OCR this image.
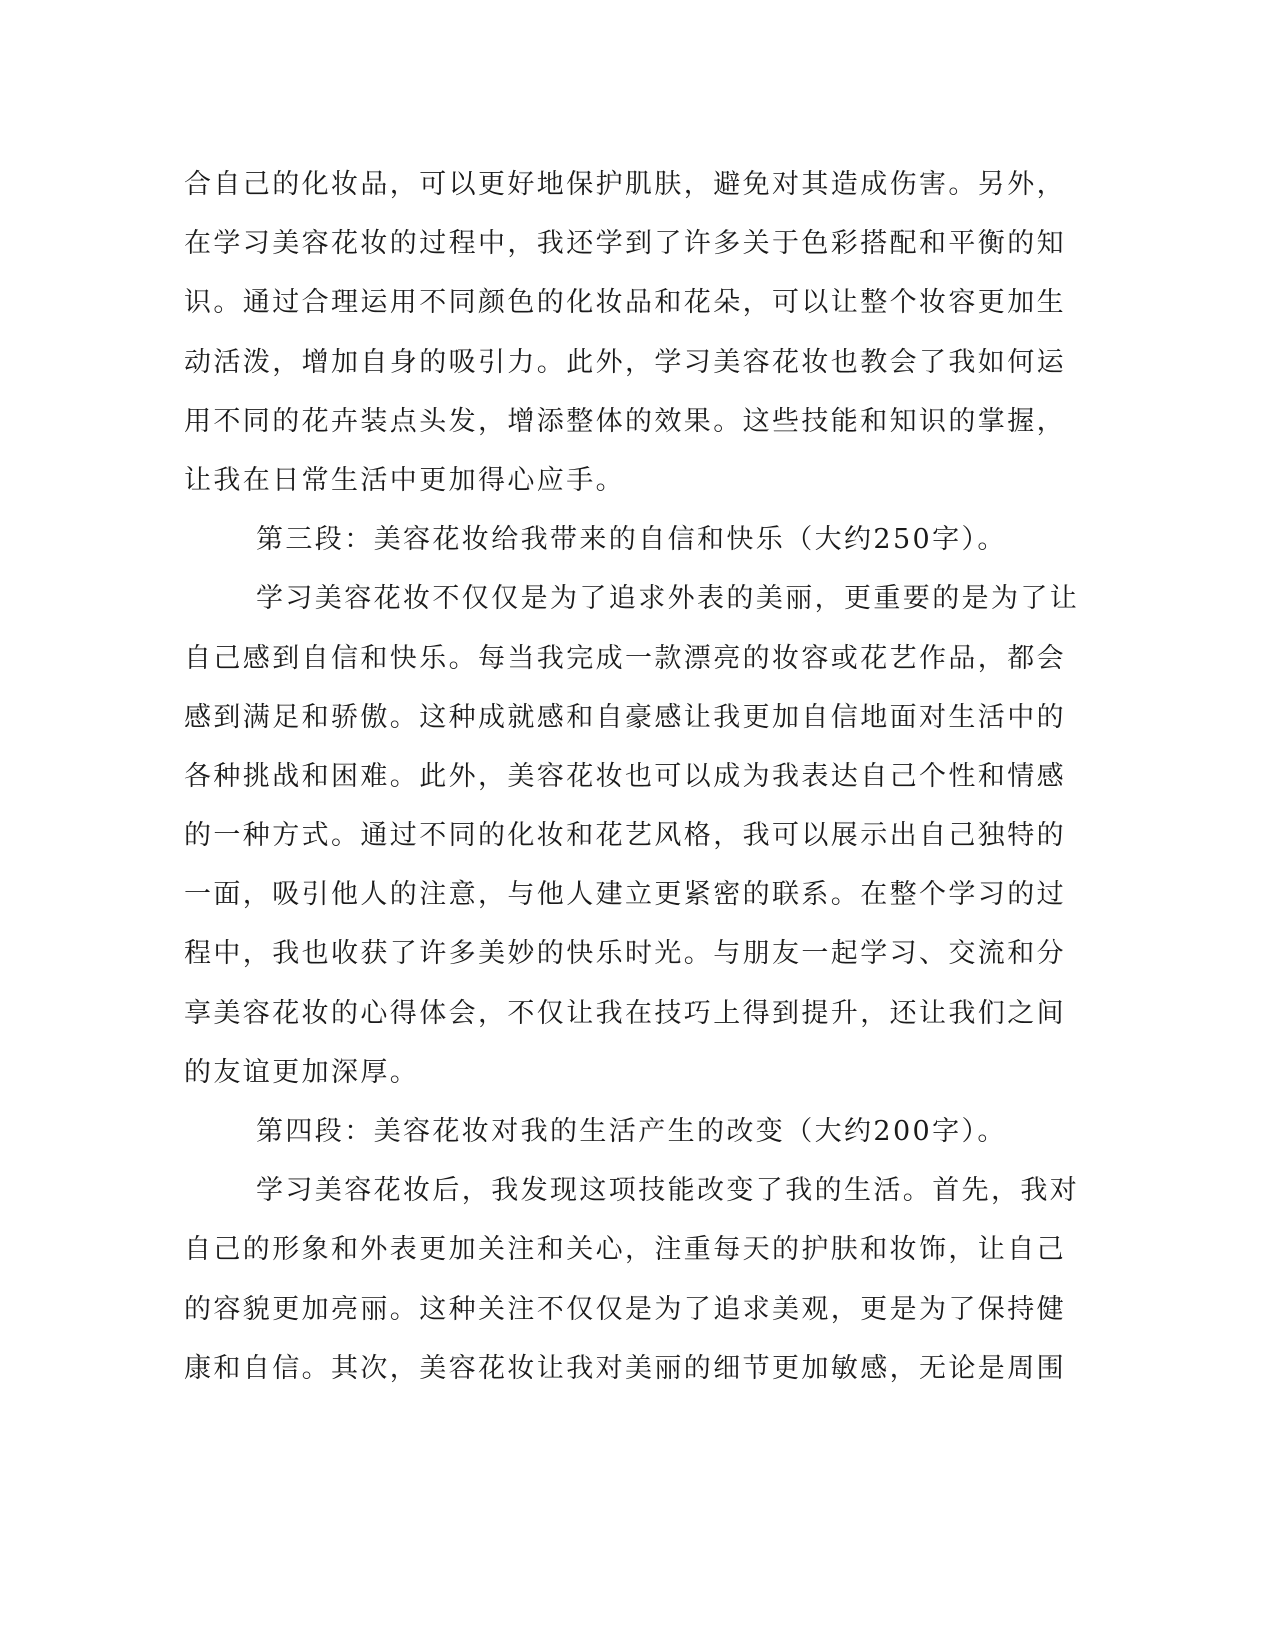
合自己的化妆品，可以更好地保护肌肤，避免对其造成伤害。另外，
在学习美容花妆的过程中，我还学到了许多关于色彩搭配和平衡的知
识。通过合理运用不同颜色的化妆品和花朵，可以让整个妆容更加生
动活泼，增加自身的吸引力。此外，学习美容花妆也教会了我如何运
用不同的花卉装点头发，增添整体的效果。这些技能和知识的掌握，
让我在日常生活中更加得心应手。
第三段：美容花妆给我带来的自信和快乐（大约250字）。
学习美容花妆不仅仅是为了追求外表的美丽，更重要的是为了让
自己感到自信和快乐。每当我完成一款漂亮的妆容或花艺作品，都会
感到满足和骄傲。这种成就感和自豪感让我更加自信地面对生活中的
各种挑战和困难。此外，美容花妆也可以成为我表达自己个性和情感
的一种方式。通过不同的化妆和花艺风格，我可以展示出自己独特的
一面，吸引他人的注意，与他人建立更紧密的联系。在整个学习的过
程中，我也收获了许多美妙的快乐时光。与朋友一起学习、交流和分
享美容花妆的心得体会，不仅让我在技巧上得到提升，还让我们之间
的友谊更加深厚。
第四段：美容花妆对我的生活产生的改变（大约200字）。
学习美容花妆后，我发现这项技能改变了我的生活。首先，我对
自己的形象和外表更加关注和关心，注重每天的护肤和妆饰，让自己
的容貌更加亮丽。这种关注不仅仅是为了追求美观，更是为了保持健
康和自信。其次，美容花妆让我对美丽的细节更加敏感，无论是周围
